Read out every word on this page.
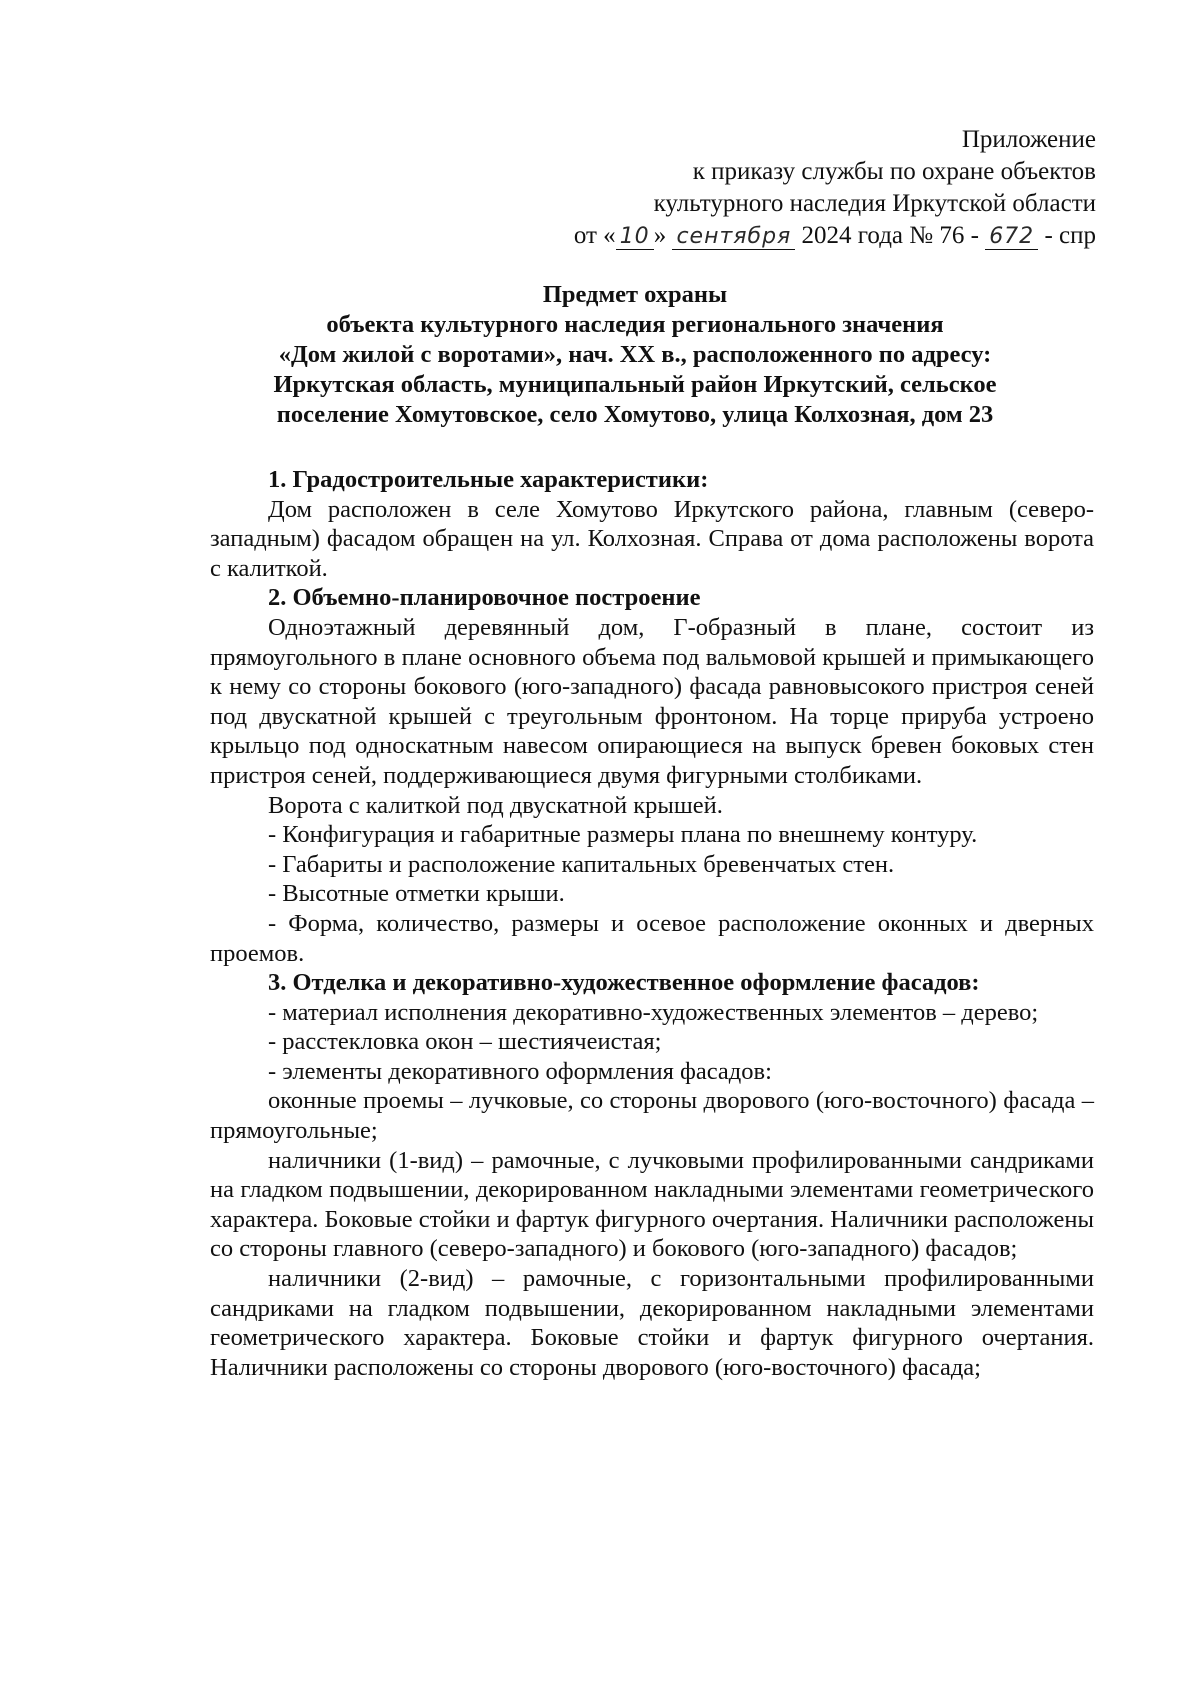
Приложение
к приказу службы по охране объектов
культурного наследия Иркутской области
от « 10 » сентября 2024 года № 76 - 672 - спр
Предмет охраны
объекта культурного наследия регионального значения
«Дом жилой с воротами», нач. XX в., расположенного по адресу:
Иркутская область, муниципальный район Иркутский, сельское
поселение Хомутовское, село Хомутово, улица Колхозная, дом 23

1. Градостроительные характеристики:

Дом расположен в селе Хомутово Иркутского района, главным (северо-западным) фасадом обращен на ул. Колхозная. Справа от дома расположены ворота с калиткой.

2. Объемно-планировочное построение

Одноэтажный деревянный дом, Г-образный в плане, состоит из прямоугольного в плане основного объема под вальмовой крышей и примыкающего к нему со стороны бокового (юго-западного) фасада равновысокого пристроя сеней под двускатной крышей с треугольным фронтоном. На торце прируба устроено крыльцо под односкатным навесом опирающиеся на выпуск бревен боковых стен пристроя сеней, поддерживающиеся двумя фигурными столбиками.

Ворота с калиткой под двускатной крышей.

- Конфигурация и габаритные размеры плана по внешнему контуру.

- Габариты и расположение капитальных бревенчатых стен.

- Высотные отметки крыши.

- Форма, количество, размеры и осевое расположение оконных и дверных проемов.

3. Отделка и декоративно-художественное оформление фасадов:

- материал исполнения декоративно-художественных элементов – дерево;

- расстекловка окон – шестиячеистая;

- элементы декоративного оформления фасадов:

оконные проемы – лучковые, со стороны дворового (юго-восточного) фасада – прямоугольные;

наличники (1-вид) – рамочные, с лучковыми профилированными сандриками на гладком подвышении, декорированном накладными элементами геометрического характера. Боковые стойки и фартук фигурного очертания. Наличники расположены со стороны главного (северо-западного) и бокового (юго-западного) фасадов;

наличники (2-вид) – рамочные, с горизонтальными профилированными сандриками на гладком подвышении, декорированном накладными элементами геометрического характера. Боковые стойки и фартук фигурного очертания. Наличники расположены со стороны дворового (юго-восточного) фасада;
